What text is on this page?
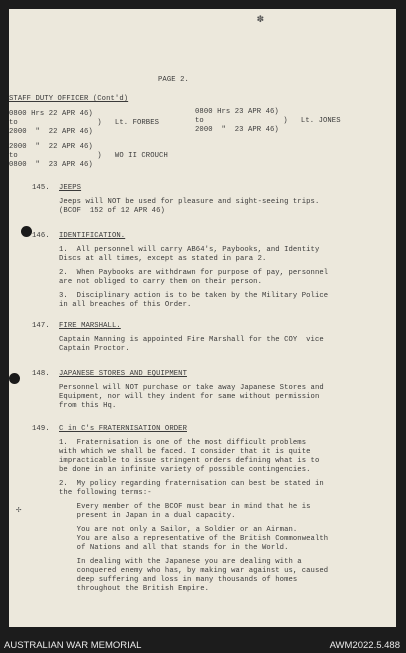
✢
✽
PAGE 2.
STAFF DUTY OFFICER (Cont'd)
0800 Hrs 22 APR 46)
to                  )   Lt. FORBES
2000  "  22 APR 46)
0800 Hrs 23 APR 46)
to                  )   Lt. JONES
2000  "  23 APR 46)
2000  "  22 APR 46)
to                  )   WO II CROUCH
0800  "  23 APR 46)
145. JEEPS
Jeeps will NOT be used for pleasure and sight-seeing trips.
(BCOF  152 of 12 APR 46)
146. IDENTIFICATION.
1.  All personnel will carry AB64's, Paybooks, and Identity
Discs at all times, except as stated in para 2.
2.  When Paybooks are withdrawn for purpose of pay, personnel
are not obliged to carry them on their person.
3.  Disciplinary action is to be taken by the Military Police
in all breaches of this Order.
147. FIRE MARSHALL.
Captain Manning is appointed Fire Marshall for the COY  vice
Captain Proctor.
148. JAPANESE STORES AND EQUIPMENT
Personnel will NOT purchase or take away Japanese Stores and
Equipment, nor will they indent for same without permission
from this Hq.
149. C in C's FRATERNISATION ORDER
1.  Fraternisation is one of the most difficult problems
with which we shall be faced. I consider that it is quite
impracticable to issue stringent orders defining what is to
be done in an infinite variety of possible contingencies.
2.  My policy regarding fraternisation can best be stated in
the following terms:-
Every member of the BCOF must bear in mind that he is
present in Japan in a dual capacity.
You are not only a Sailor, a Soldier or an Airman.
You are also a representative of the British Commonwealth
of Nations and all that stands for in the World.
In dealing with the Japanese you are dealing with a
conquered enemy who has, by making war against us, caused
deep suffering and loss in many thousands of homes
throughout the British Empire.
AUSTRALIAN WAR MEMORIAL	AWM2022.5.488
